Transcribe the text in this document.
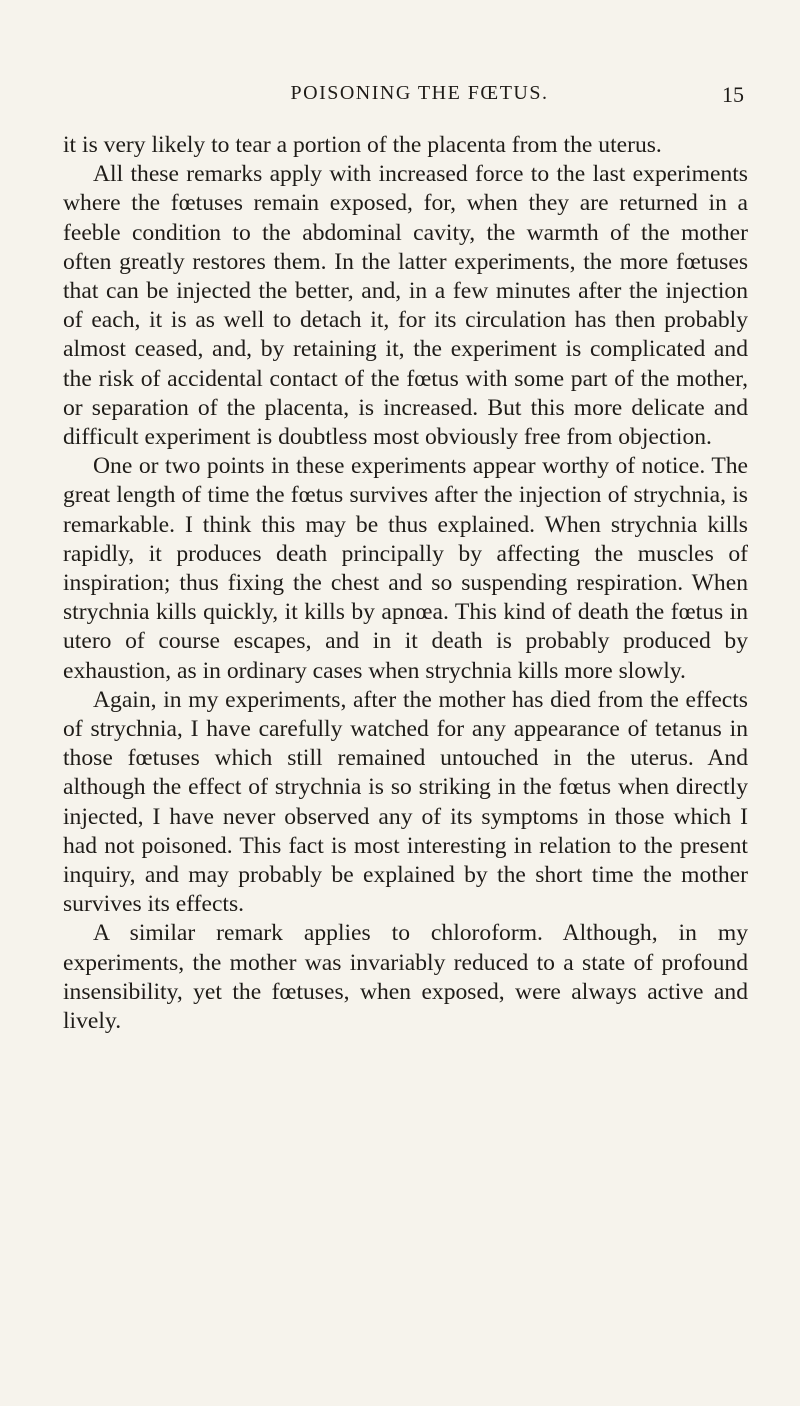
POISONING THE FŒTUS.	15

it is very likely to tear a portion of the placenta from the uterus.

All these remarks apply with increased force to the last experiments where the fœtuses remain exposed, for, when they are returned in a feeble condition to the abdominal cavity, the warmth of the mother often greatly restores them. In the latter experiments, the more fœtuses that can be injected the better, and, in a few minutes after the injection of each, it is as well to detach it, for its circulation has then probably almost ceased, and, by retaining it, the experiment is complicated and the risk of accidental contact of the fœtus with some part of the mother, or separation of the placenta, is increased. But this more delicate and difficult experiment is doubtless most obviously free from objection.

One or two points in these experiments appear worthy of notice. The great length of time the fœtus survives after the injection of strychnia, is remarkable. I think this may be thus explained. When strychnia kills rapidly, it produces death principally by affecting the muscles of inspiration; thus fixing the chest and so suspending respiration. When strychnia kills quickly, it kills by apnœa. This kind of death the fœtus in utero of course escapes, and in it death is probably produced by exhaustion, as in ordinary cases when strychnia kills more slowly.

Again, in my experiments, after the mother has died from the effects of strychnia, I have carefully watched for any appearance of tetanus in those fœtuses which still remained untouched in the uterus. And although the effect of strychnia is so striking in the fœtus when directly injected, I have never observed any of its symptoms in those which I had not poisoned. This fact is most interesting in relation to the present inquiry, and may probably be explained by the short time the mother survives its effects.

A similar remark applies to chloroform. Although, in my experiments, the mother was invariably reduced to a state of profound insensibility, yet the fœtuses, when exposed, were always active and lively.
